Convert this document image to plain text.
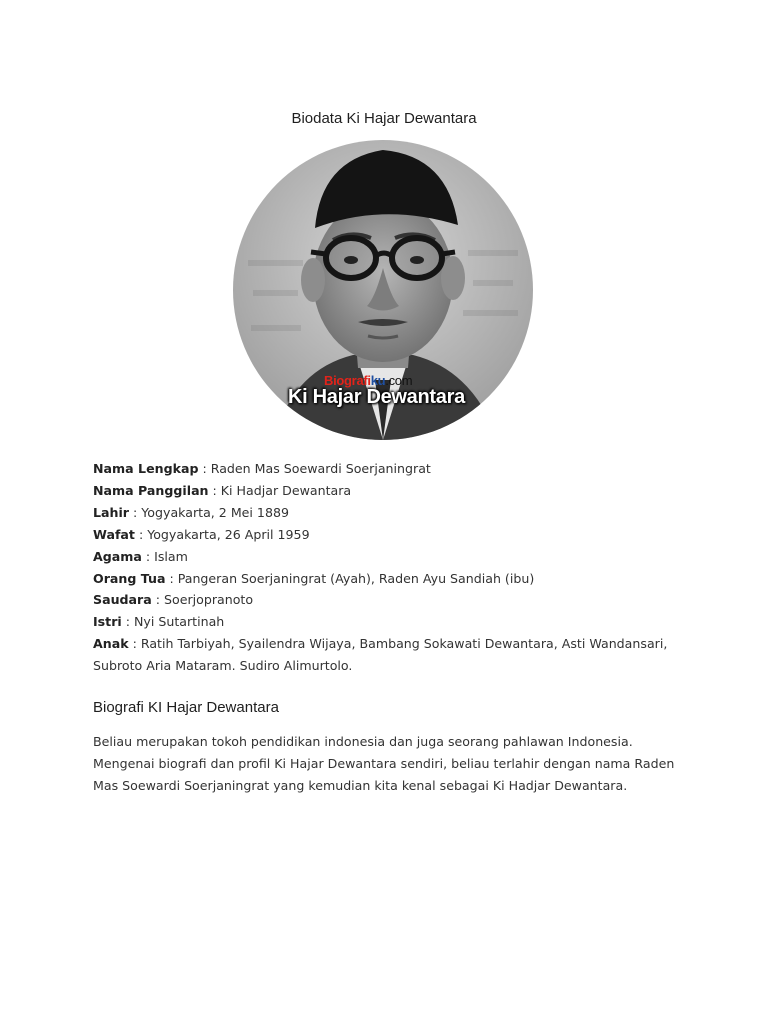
Biodata Ki Hajar Dewantara
Biografiku.com
Ki Hajar Dewantara
Nama Lengkap : Raden Mas Soewardi Soerjaningrat
Nama Panggilan : Ki Hadjar Dewantara
Lahir : Yogyakarta, 2 Mei 1889
Wafat : Yogyakarta, 26 April 1959
Agama : Islam
Orang Tua : Pangeran Soerjaningrat (Ayah), Raden Ayu Sandiah (ibu)
Saudara : Soerjopranoto
Istri : Nyi Sutartinah
Anak : Ratih Tarbiyah, Syailendra Wijaya, Bambang Sokawati Dewantara, Asti Wandansari, Subroto Aria Mataram. Sudiro Alimurtolo.
Biografi KI Hajar Dewantara
Beliau merupakan tokoh pendidikan indonesia dan juga seorang pahlawan Indonesia. Mengenai biografi dan profil Ki Hajar Dewantara sendiri, beliau terlahir dengan nama Raden Mas Soewardi Soerjaningrat yang kemudian kita kenal sebagai Ki Hadjar Dewantara.
